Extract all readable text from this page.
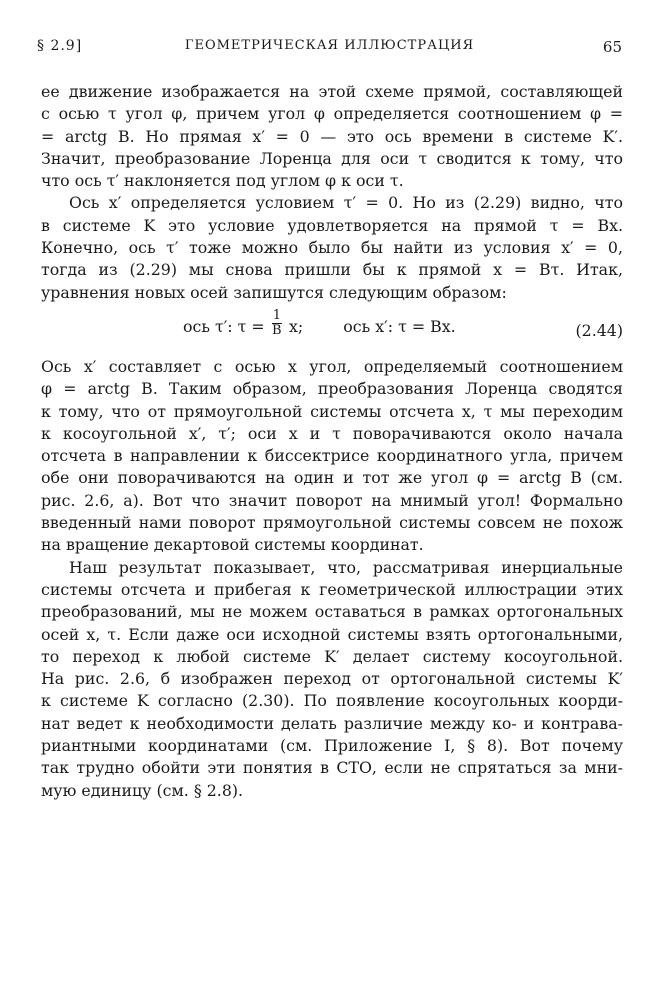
§ 2.9]	ГЕОМЕТРИЧЕСКАЯ ИЛЛЮСТРАЦИЯ	65
ее движение изображается на этой схеме прямой, составляющей
с осью τ угол φ, причем угол φ определяется соотношением φ =
= arctg B. Но прямая x′ = 0 — это ось времени в системе K′.
Значит, преобразование Лоренца для оси τ сводится к тому, что
что ось τ′ наклоняется под углом φ к оси τ.
Ось x′ определяется условием τ′ = 0. Но из (2.29) видно, что
в системе K это условие удовлетворяется на прямой τ = Bx.
Конечно, ось τ′ тоже можно было бы найти из условия x′ = 0,
тогда из (2.29) мы снова пришли бы к прямой x = Bτ. Итак,
уравнения новых осей запишутся следующим образом:
ось τ′: $\tau = \frac{1}{B} x$;	ось x′: τ = Bx.	(2.44)
Ось x′ составляет с осью x угол, определяемый соотношением
φ = arctg B. Таким образом, преобразования Лоренца сводятся
к тому, что от прямоугольной системы отсчета x, τ мы переходим
к косоугольной x′, τ′; оси x и τ поворачиваются около начала
отсчета в направлении к биссектрисе координатного угла, причем
обе они поворачиваются на один и тот же угол φ = arctg B (см.
рис. 2.6, a). Вот что значит поворот на мнимый угол! Формально
введенный нами поворот прямоугольной системы совсем не похож
на вращение декартовой системы координат.
Наш результат показывает, что, рассматривая инерциальные
системы отсчета и прибегая к геометрической иллюстрации этих
преобразований, мы не можем оставаться в рамках ортогональных
осей x, τ. Если даже оси исходной системы взять ортогональными,
то переход к любой системе K′ делает систему косоугольной.
На рис. 2.6, б изображен переход от ортогональной системы K′
к системе K согласно (2.30). По появление косоугольных коорди-
нат ведет к необходимости делать различие между ко- и контрава-
риантными координатами (см. Приложение I, § 8). Вот почему
так трудно обойти эти понятия в СТО, если не спрятаться за мни-
мую единицу (см. § 2.8).
